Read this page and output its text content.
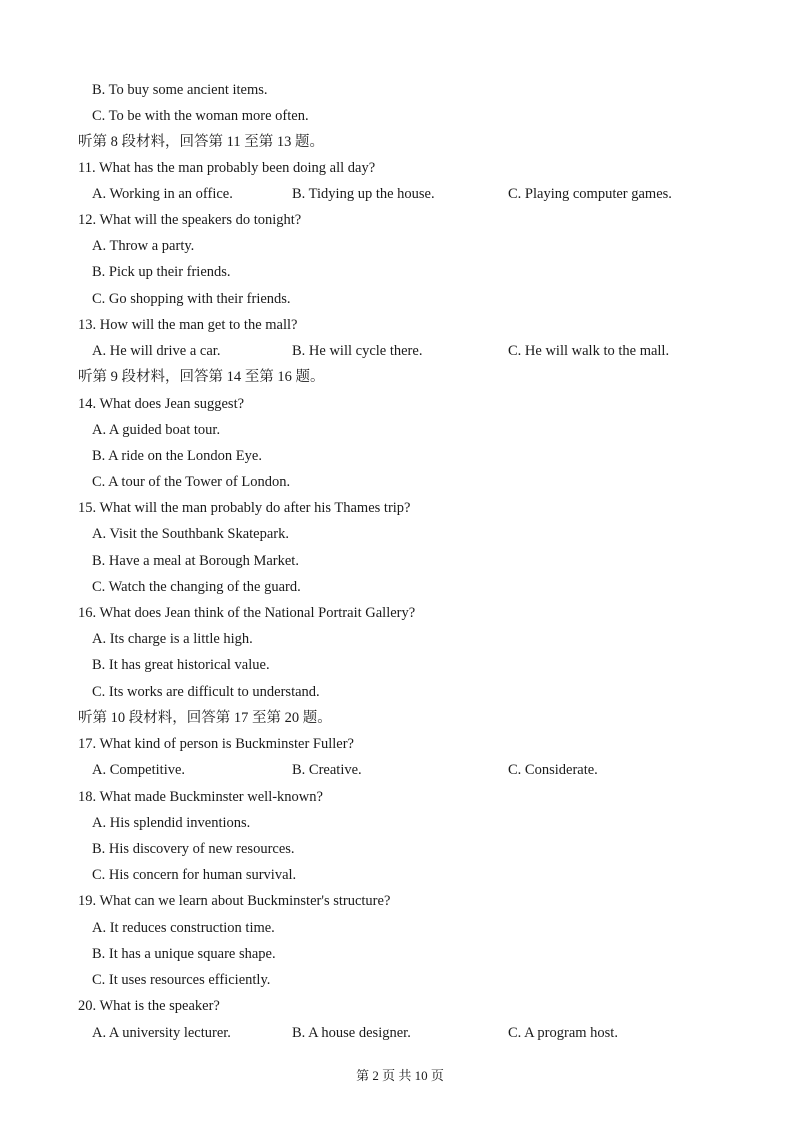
B. To buy some ancient items.
C. To be with the woman more often.
听第 8 段材料，回答第 11 至第 13 题。
11. What has the man probably been doing all day?
A. Working in an office.	B. Tidying up the house.	C. Playing computer games.
12. What will the speakers do tonight?
A. Throw a party.
B. Pick up their friends.
C. Go shopping with their friends.
13. How will the man get to the mall?
A. He will drive a car.	B. He will cycle there.	C. He will walk to the mall.
听第 9 段材料，回答第 14 至第 16 题。
14. What does Jean suggest?
A. A guided boat tour.
B. A ride on the London Eye.
C. A tour of the Tower of London.
15. What will the man probably do after his Thames trip?
A. Visit the Southbank Skatepark.
B. Have a meal at Borough Market.
C. Watch the changing of the guard.
16. What does Jean think of the National Portrait Gallery?
A. Its charge is a little high.
B. It has great historical value.
C. Its works are difficult to understand.
听第 10 段材料，回答第 17 至第 20 题。
17. What kind of person is Buckminster Fuller?
A. Competitive.	B. Creative.	C. Considerate.
18. What made Buckminster well-known?
A. His splendid inventions.
B. His discovery of new resources.
C. His concern for human survival.
19. What can we learn about Buckminster's structure?
A. It reduces construction time.
B. It has a unique square shape.
C. It uses resources efficiently.
20. What is the speaker?
A. A university lecturer.	B. A house designer.	C. A program host.
第 2 页 共 10 页
